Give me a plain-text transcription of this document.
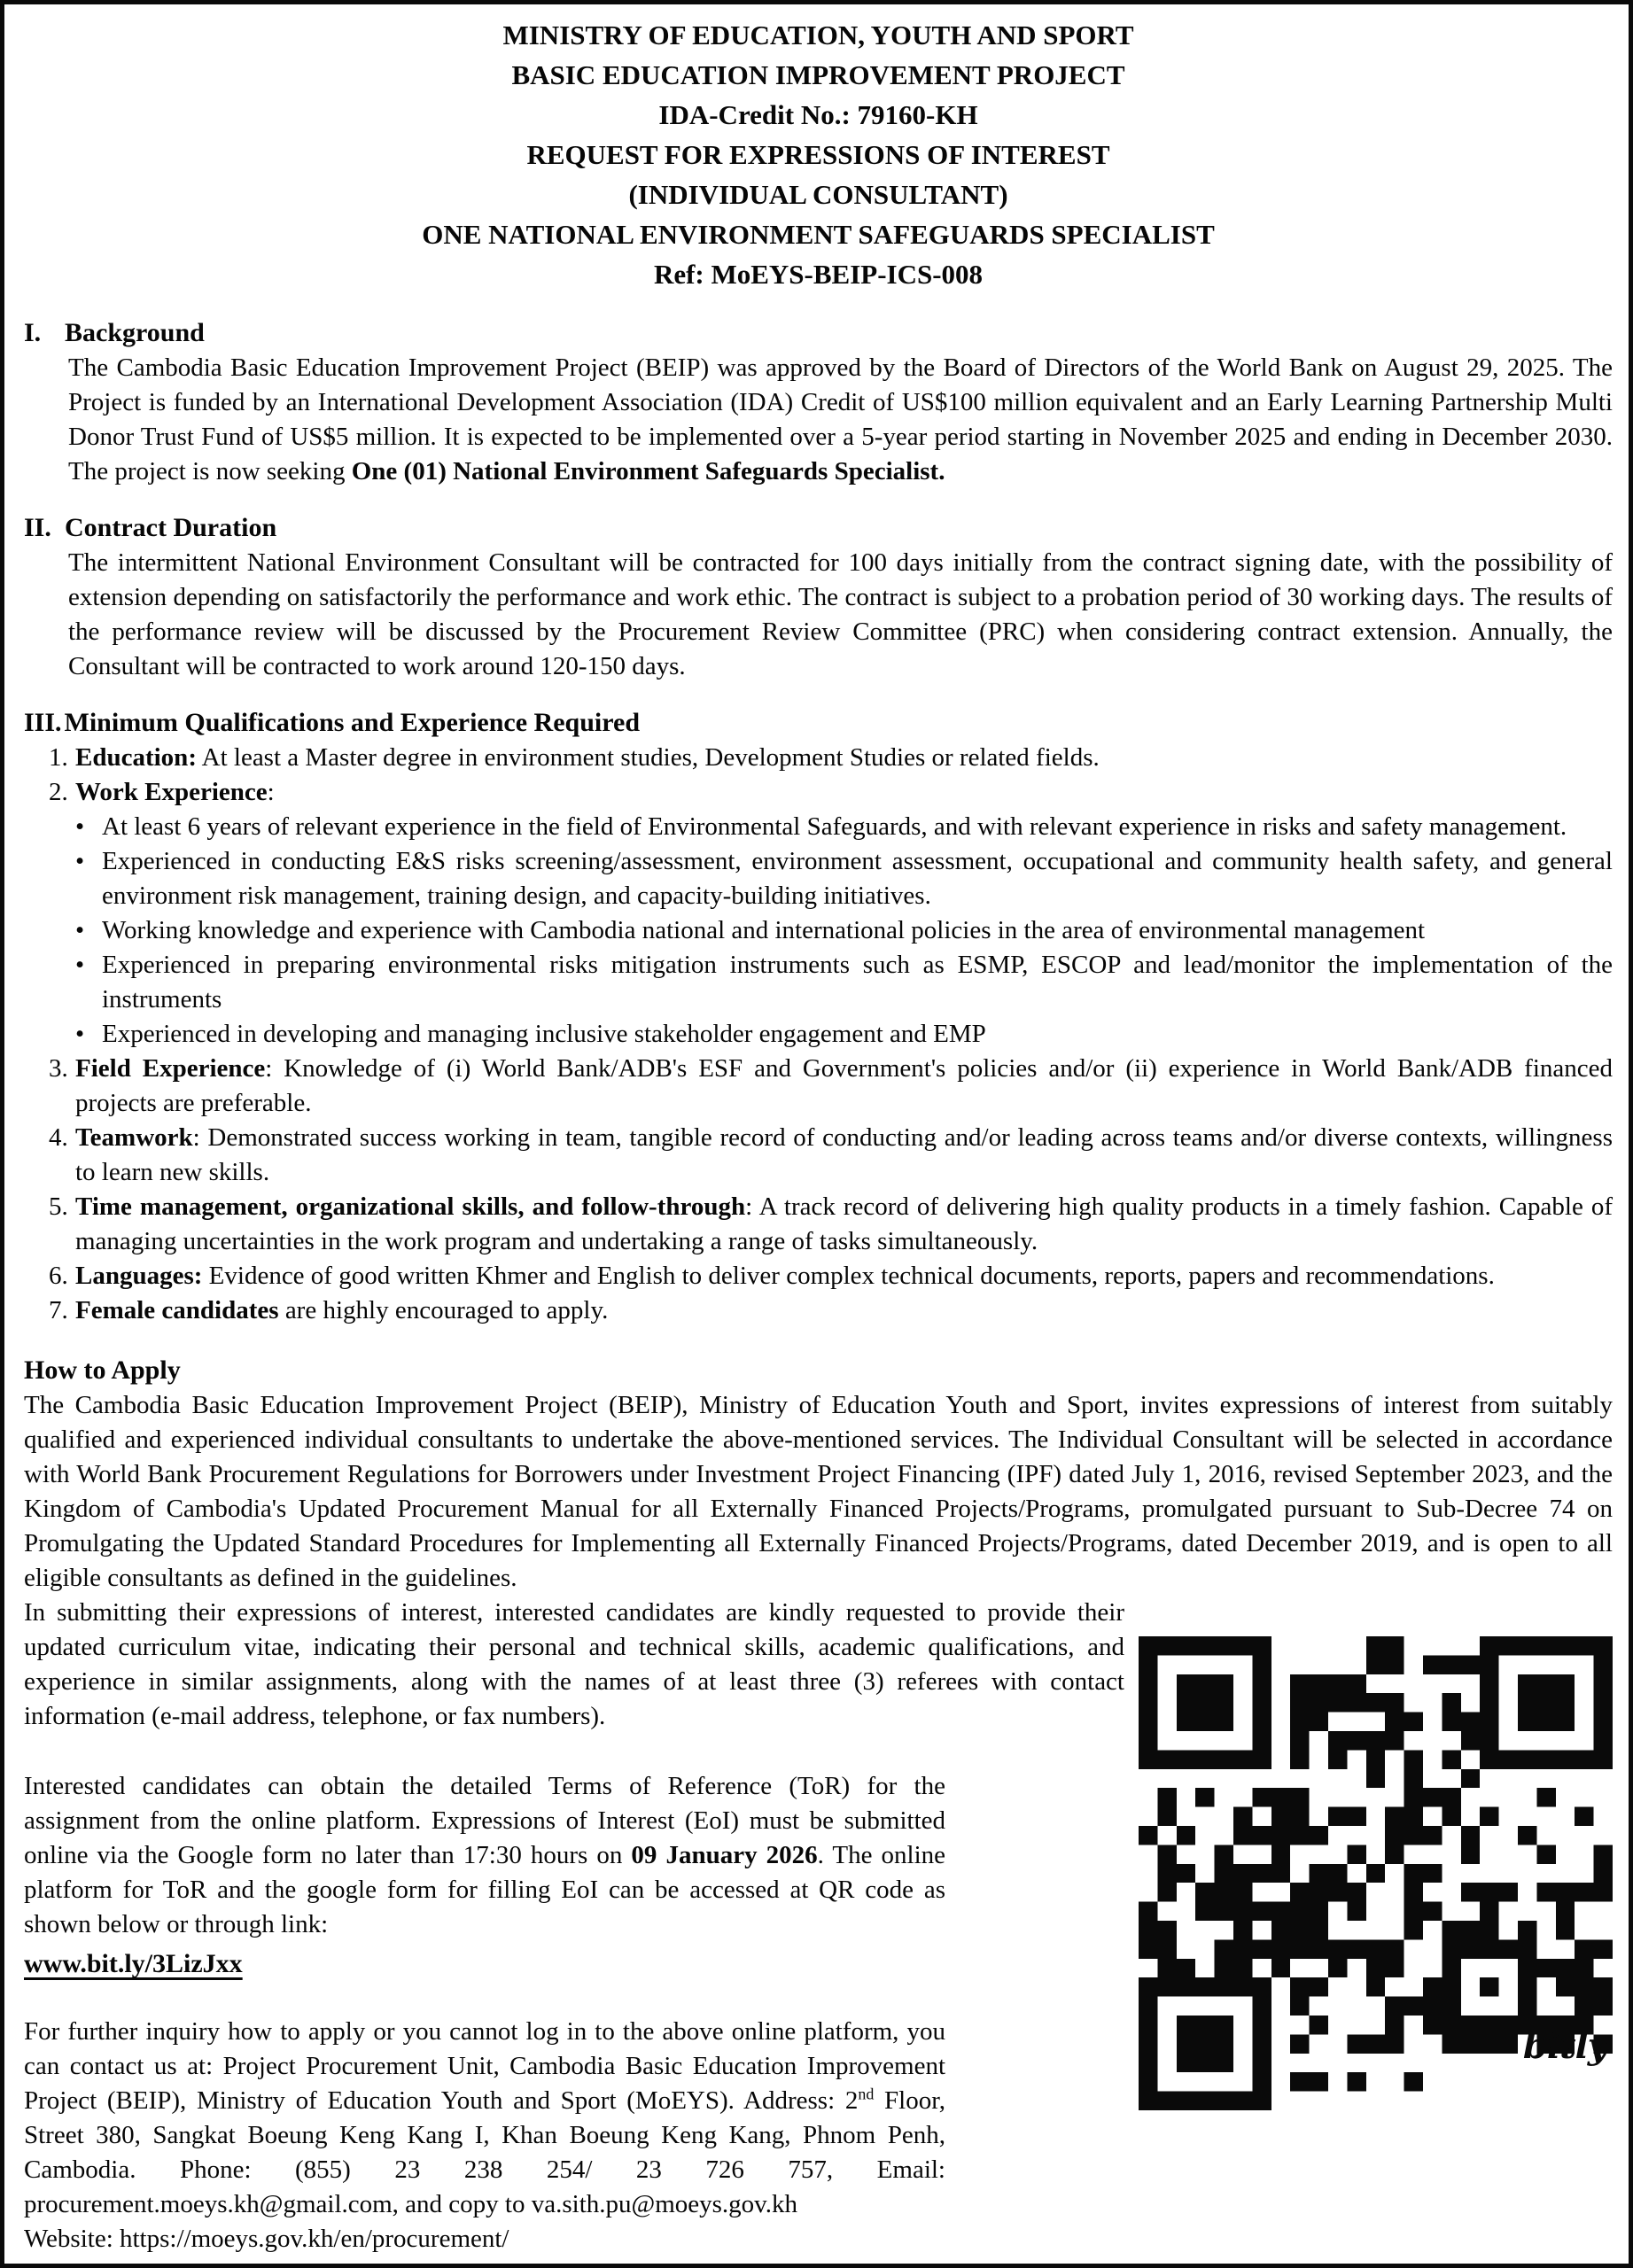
MINISTRY OF EDUCATION, YOUTH AND SPORT
BASIC EDUCATION IMPROVEMENT PROJECT
IDA-Credit No.: 79160-KH
REQUEST FOR EXPRESSIONS OF INTEREST
(INDIVIDUAL CONSULTANT)
ONE NATIONAL ENVIRONMENT SAFEGUARDS SPECIALIST
Ref: MoEYS-BEIP-ICS-008
I. Background
The Cambodia Basic Education Improvement Project (BEIP) was approved by the Board of Directors of the World Bank on August 29, 2025. The Project is funded by an International Development Association (IDA) Credit of US$100 million equivalent and an Early Learning Partnership Multi Donor Trust Fund of US$5 million. It is expected to be implemented over a 5-year period starting in November 2025 and ending in December 2030. The project is now seeking One (01) National Environment Safeguards Specialist.
II. Contract Duration
The intermittent National Environment Consultant will be contracted for 100 days initially from the contract signing date, with the possibility of extension depending on satisfactorily the performance and work ethic. The contract is subject to a probation period of 30 working days. The results of the performance review will be discussed by the Procurement Review Committee (PRC) when considering contract extension. Annually, the Consultant will be contracted to work around 120-150 days.
III. Minimum Qualifications and Experience Required
1. Education: At least a Master degree in environment studies, Development Studies or related fields.
2. Work Experience:
• At least 6 years of relevant experience in the field of Environmental Safeguards, and with relevant experience in risks and safety management.
• Experienced in conducting E&S risks screening/assessment, environment assessment, occupational and community health safety, and general environment risk management, training design, and capacity-building initiatives.
• Working knowledge and experience with Cambodia national and international policies in the area of environmental management
• Experienced in preparing environmental risks mitigation instruments such as ESMP, ESCOP and lead/monitor the implementation of the instruments
• Experienced in developing and managing inclusive stakeholder engagement and EMP
3. Field Experience: Knowledge of (i) World Bank/ADB's ESF and Government's policies and/or (ii) experience in World Bank/ADB financed projects are preferable.
4. Teamwork: Demonstrated success working in team, tangible record of conducting and/or leading across teams and/or diverse contexts, willingness to learn new skills.
5. Time management, organizational skills, and follow-through: A track record of delivering high quality products in a timely fashion. Capable of managing uncertainties in the work program and undertaking a range of tasks simultaneously.
6. Languages: Evidence of good written Khmer and English to deliver complex technical documents, reports, papers and recommendations.
7. Female candidates are highly encouraged to apply.
How to Apply
The Cambodia Basic Education Improvement Project (BEIP), Ministry of Education Youth and Sport, invites expressions of interest from suitably qualified and experienced individual consultants to undertake the above-mentioned services. The Individual Consultant will be selected in accordance with World Bank Procurement Regulations for Borrowers under Investment Project Financing (IPF) dated July 1, 2016, revised September 2023, and the Kingdom of Cambodia's Updated Procurement Manual for all Externally Financed Projects/Programs, promulgated pursuant to Sub-Decree 74 on Promulgating the Updated Standard Procedures for Implementing all Externally Financed Projects/Programs, dated December 2019, and is open to all eligible consultants as defined in the guidelines.
bitly
In submitting their expressions of interest, interested candidates are kindly requested to provide their updated curriculum vitae, indicating their personal and technical skills, academic qualifications, and experience in similar assignments, along with the names of at least three (3) referees with contact information (e-mail address, telephone, or fax numbers).
Interested candidates can obtain the detailed Terms of Reference (ToR) for the assignment from the online platform. Expressions of Interest (EoI) must be submitted online via the Google form no later than 17:30 hours on 09 January 2026. The online platform for ToR and the google form for filling EoI can be accessed at QR code as shown below or through link:
www.bit.ly/3LizJxx
For further inquiry how to apply or you cannot log in to the above online platform, you can contact us at: Project Procurement Unit, Cambodia Basic Education Improvement Project (BEIP), Ministry of Education Youth and Sport (MoEYS). Address: 2nd Floor, Street 380, Sangkat Boeung Keng Kang I, Khan Boeung Keng Kang, Phnom Penh, Cambodia. Phone: (855) 23 238 254/ 23 726 757, Email: procurement.moeys.kh@gmail.com, and copy to va.sith.pu@moeys.gov.kh
Website: https://moeys.gov.kh/en/procurement/
